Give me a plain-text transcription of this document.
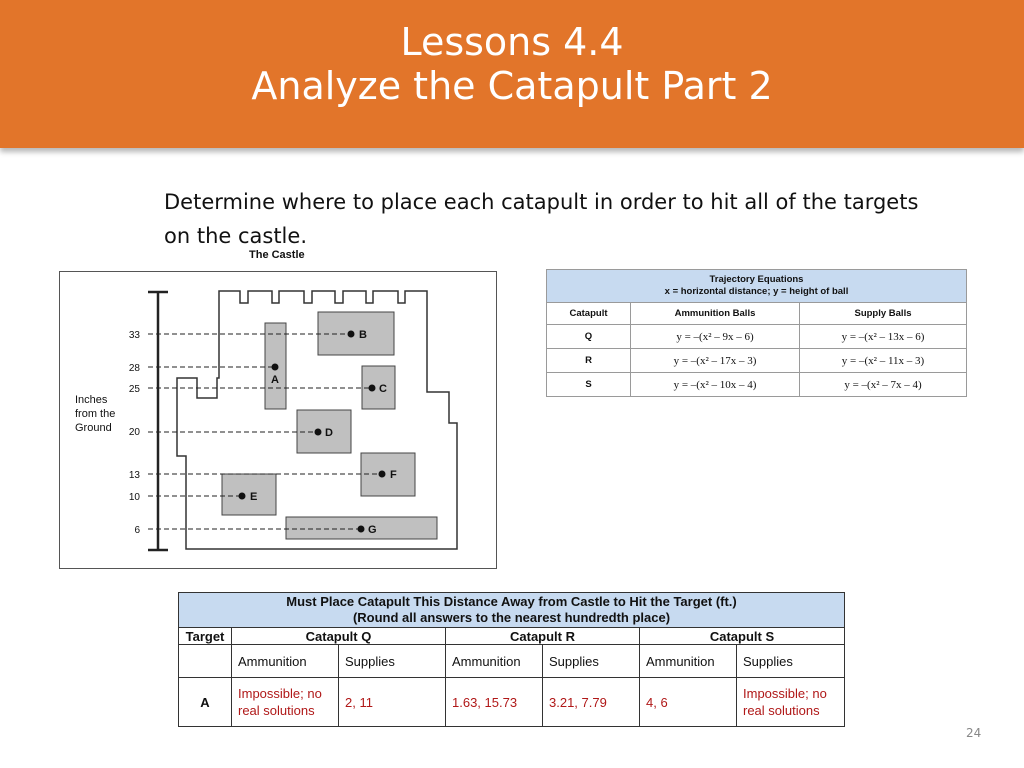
Lessons 4.4
Analyze the Catapult Part 2
Determine where to place each catapult in order to hit all of the targets on the castle.
The Castle
Inches
from the
Ground
33
28
25
20
13
10
6
A
B
C
D
E
F
G
Trajectory Equations
x = horizontal distance; y = height of ball		

Catapult	Ammunition Balls	Supply Balls
Q	y = –(x² – 9x – 6)	y = –(x² – 13x – 6)
R	y = –(x² – 17x – 3)	y = –(x² – 11x – 3)
S	y = –(x² – 10x – 4)	y = –(x² – 7x – 4)
Must Place Catapult This Distance Away from Castle to Hit the Target (ft.)
(Round all answers to the nearest hundredth place)						

Target	Catapult Q		Catapult R		Catapult S	
	Ammunition	Supplies	Ammunition	Supplies	Ammunition	Supplies
A	Impossible; no real solutions	2, 11	1.63, 15.73	3.21, 7.79	4, 6	Impossible; no real solutions
24
